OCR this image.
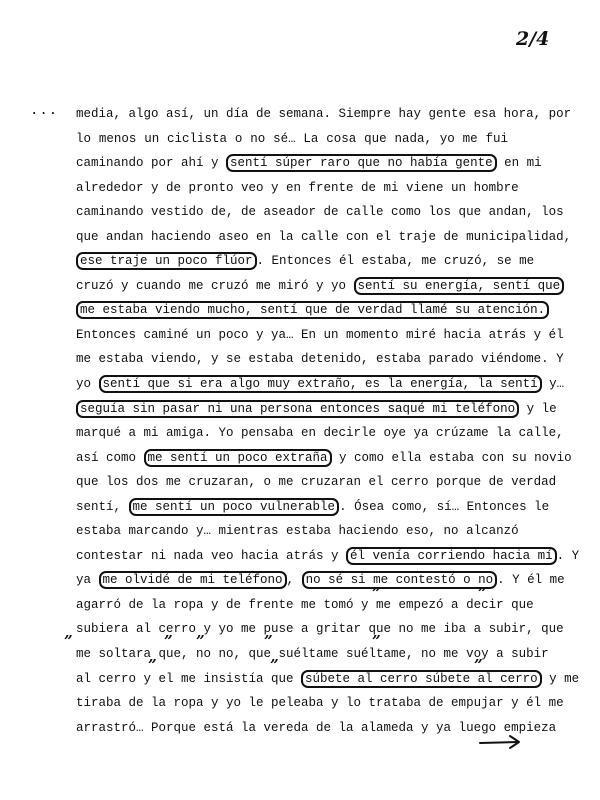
2/4
... media, algo así, un día de semana. Siempre hay gente esa hora, por
lo menos un ciclista o no sé… La cosa que nada, yo me fui
caminando por ahí y sentí súper raro que no había gente en mi
alrededor y de pronto veo y en frente de mi viene un hombre
caminando vestido de, de aseador de calle como los que andan, los
que andan haciendo aseo en la calle con el traje de municipalidad,
ese traje un poco flúor . Entonces él estaba, me cruzó, se me
cruzó y cuando me cruzó me miró y yo sentí su energía, sentí que
me estaba viendo mucho, sentí que de verdad llamé su atención.
Entonces caminé un poco y ya… En un momento miré hacia atrás y él
me estaba viendo, y se estaba detenido, estaba parado viéndome. Y
yo sentí que si era algo muy extraño, es la energía, la sentí y…
seguía sin pasar ni una persona entonces saqué mi teléfono y le
marqué a mi amiga. Yo pensaba en decirle oye ya crúzame la calle,
así como me sentí un poco extraña y como ella estaba con su novio
que los dos me cruzaran, o me cruzaran el cerro porque de verdad
sentí, me sentí un poco vulnerable . Ósea como, sí… Entonces le
estaba marcando y… mientras estaba haciendo eso, no alcanzó
contestar ni nada veo hacia atrás y él venía corriendo hacia mí . Y
ya me olvidé de mi teléfono , no sé si me contestó o no . Y él me
agarró de la ropa y de frente me tomó y me empezó a decir que
subiera al cerro y yo me puse a gritar que no me iba a subir, que
me soltara que, no no, que suéltame suéltame, no me voy a subir
al cerro y el me insistía que súbete al cerro súbete al cerro y me
tiraba de la ropa y yo le peleaba y lo trataba de empujar y él me
arrastró… Porque está la vereda de la alameda y ya luego empieza
”	”
”	” ”	”	”
”	”	”
